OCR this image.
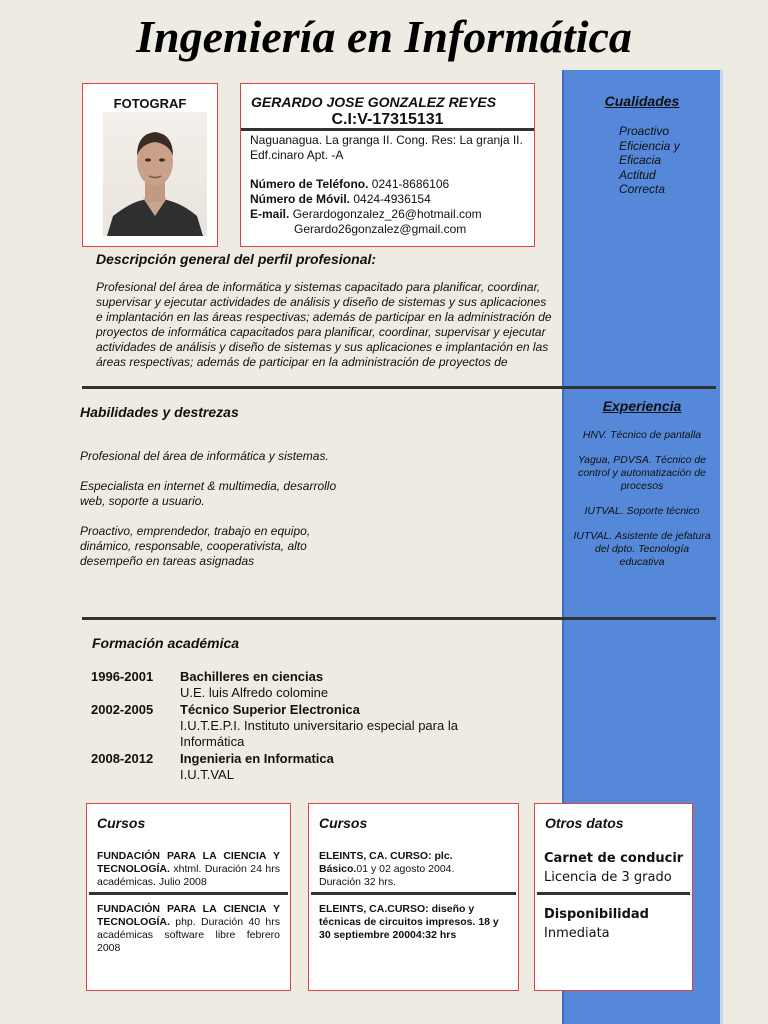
Ingeniería en Informática
Cualidades
Proactivo
Eficiencia y
Eficacia
Actitud
Correcta
Experiencia
HNV. Técnico de pantalla
Yagua, PDVSA. Técnico de control y automatización de procesos
IUTVAL. Soporte técnico
IUTVAL. Asistente de jefatura del dpto. Tecnología educativa
FOTOGRAF	GERARDO JOSE GONZALEZ REYES
C.I:V-17315131
Naguanagua. La granga II. Cong. Res: La granja II. Edf.cinaro Apt. -A
Número de Teléfono. 0241-8686106
Número de Móvil. 0424-4936154
E-mail. Gerardogonzalez_26@hotmail.com
Gerardo26gonzalez@gmail.com
Descripción general del perfil profesional:
Profesional del área de informática y sistemas capacitado para planificar, coordinar, supervisar y ejecutar actividades de análisis y diseño de sistemas y sus aplicaciones e implantación en las áreas respectivas; además de participar en la administración de proyectos de informática capacitados para planificar, coordinar, supervisar y ejecutar actividades de análisis y diseño de sistemas y sus aplicaciones e implantación en las áreas respectivas; además de participar en la administración de proyectos de
Habilidades y destrezas
Profesional del área de informática y sistemas.
Especialista en internet & multimedia, desarrollo web, soporte a usuario.
Proactivo, emprendedor, trabajo en equipo, dinámico, responsable, cooperativista, alto desempeño en tareas asignadas
Formación académica
1996-2001 Bachilleres en ciencias
U.E. luis Alfredo colomine
2002-2005 Técnico Superior Electronica
I.U.T.E.P.I. Instituto universitario especial para la Informática
2008-2012 Ingenieria en Informatica
I.U.T.VAL
Cursos
FUNDACIÓN PARA LA CIENCIA Y TECNOLOGÍA. xhtml. Duración 24 hrs académicas. Julio 2008
FUNDACIÓN PARA LA CIENCIA Y TECNOLOGÍA. php. Duración 40 hrs académicas software libre febrero 2008
Cursos
ELEINTS, CA. CURSO: plc. Básico.01 y 02 agosto 2004. Duración 32 hrs.
ELEINTS, CA.CURSO: diseño y técnicas de circuitos impresos. 18 y 30 septiembre 20004:32 hrs
Otros datos
Carnet de conducir
Licencia de 3 grado
Disponibilidad
Inmediata
